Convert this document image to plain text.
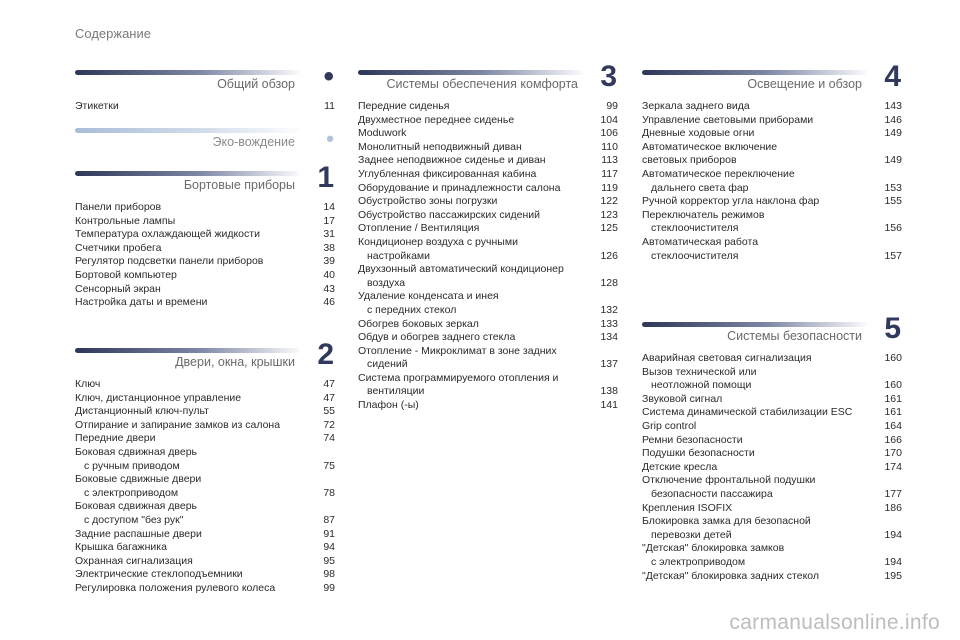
Содержание
Общий обзор •
Этикетки	11
Эко-вождение •
Бортовые приборы 1
Панели приборов	14
Контрольные лампы	17
Температура охлаждающей жидкости	31
Счетчики пробега	38
Регулятор подсветки панели приборов	39
Бортовой компьютер	40
Сенсорный экран	43
Настройка даты и времени	46
Двери, окна, крышки 2
Ключ	47
Ключ, дистанционное управление	47
Дистанционный ключ-пульт	55
Отпирание и запирание замков из салона	72
Передние двери	74
Боковая сдвижная дверь
с ручным приводом	75
Боковые сдвижные двери
с электроприводом	78
Боковая сдвижная дверь
с доступом "без рук"	87
Задние распашные двери	91
Крышка багажника	94
Охранная сигнализация	95
Электрические стеклоподъемники	98
Регулировка положения рулевого колеса	99
Системы обеспечения комфорта 3
Передние сиденья	99
Двухместное переднее сиденье	104
Moduwork	106
Монолитный неподвижный диван	110
Заднее неподвижное сиденье и диван	113
Углубленная фиксированная кабина	117
Оборудование и принадлежности салона	119
Обустройство зоны погрузки	122
Обустройство пассажирских сидений	123
Отопление / Вентиляция	125
Кондиционер воздуха с ручными
настройками	126
Двухзонный автоматический кондиционер
воздуха	128
Удаление конденсата и инея
с передних стекол	132
Обогрев боковых зеркал	133
Обдув и обогрев заднего стекла	134
Отопление - Микроклимат в зоне задних
сидений	137
Система программируемого отопления и
вентиляции	138
Плафон (-ы)	141
Освещение и обзор 4
Зеркала заднего вида	143
Управление световыми приборами	146
Дневные ходовые огни	149
Автоматическое включение
световых приборов	149
Автоматическое переключение
дальнего света фар	153
Ручной корректор угла наклона фар	155
Переключатель режимов
стеклоочистителя	156
Автоматическая работа
стеклоочистителя	157
Системы безопасности 5
Аварийная световая сигнализация	160
Вызов технической или
неотложной помощи	160
Звуковой сигнал	161
Система динамической стабилизации ESC	161
Grip control	164
Ремни безопасности	166
Подушки безопасности	170
Детские кресла	174
Отключение фронтальной подушки
безопасности пассажира	177
Крепления ISOFIX	186
Блокировка замка для безопасной
перевозки детей	194
"Детская" блокировка замков
с электроприводом	194
"Детская" блокировка задних стекол	195
carmanualsonline.info
